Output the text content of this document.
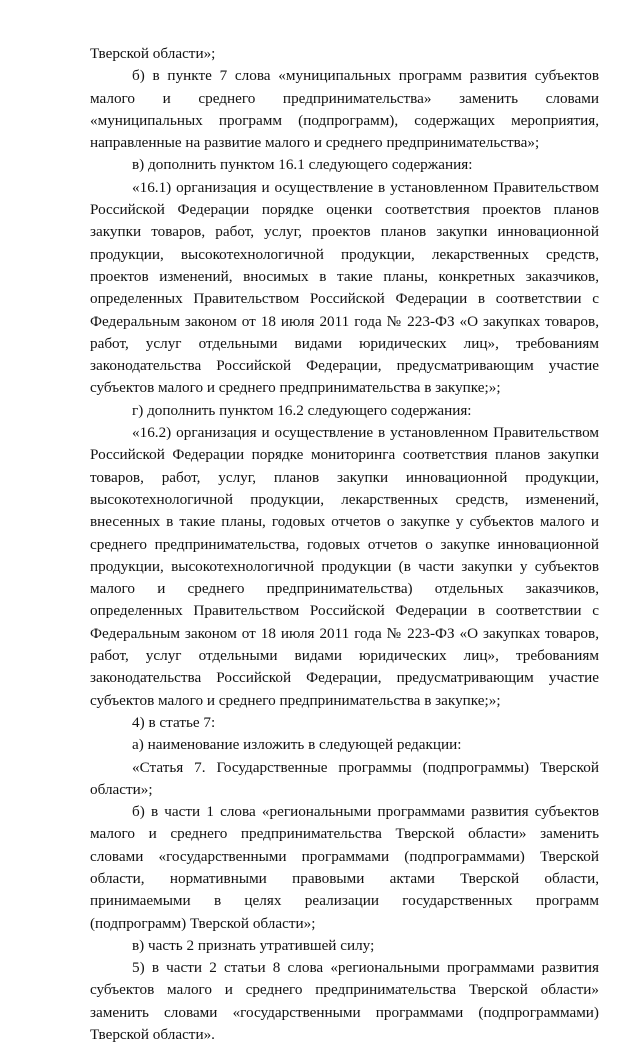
Тверской области»;
б) в пункте 7 слова «муниципальных программ развития субъектов
малого и среднего предпринимательства» заменить словами
«муниципальных программ (подпрограмм), содержащих мероприятия,
направленные на развитие малого и среднего предпринимательства»;
в) дополнить пунктом 16.1 следующего содержания:
«16.1) организация и осуществление в установленном Правительством
Российской Федерации порядке оценки соответствия проектов планов
закупки товаров, работ, услуг, проектов планов закупки инновационной
продукции, высокотехнологичной продукции, лекарственных средств,
проектов изменений, вносимых в такие планы, конкретных заказчиков,
определенных Правительством Российской Федерации в соответствии с
Федеральным законом от 18 июля 2011 года № 223-ФЗ «О закупках товаров,
работ, услуг отдельными видами юридических лиц», требованиям
законодательства Российской Федерации, предусматривающим участие
субъектов малого и среднего предпринимательства в закупке;»;
г) дополнить пунктом 16.2 следующего содержания:
«16.2) организация и осуществление в установленном Правительством
Российской Федерации порядке мониторинга соответствия планов закупки
товаров, работ, услуг, планов закупки инновационной продукции,
высокотехнологичной продукции, лекарственных средств, изменений,
внесенных в такие планы, годовых отчетов о закупке у субъектов малого и
среднего предпринимательства, годовых отчетов о закупке инновационной
продукции, высокотехнологичной продукции (в части закупки у субъектов
малого и среднего предпринимательства) отдельных заказчиков,
определенных Правительством Российской Федерации в соответствии с
Федеральным законом от 18 июля 2011 года № 223-ФЗ «О закупках товаров,
работ, услуг отдельными видами юридических лиц», требованиям
законодательства Российской Федерации, предусматривающим участие
субъектов малого и среднего предпринимательства в закупке;»;
4) в статье 7:
а) наименование изложить в следующей редакции:
«Статья 7. Государственные программы (подпрограммы) Тверской
области»;
б) в части 1 слова «региональными программами развития субъектов
малого и среднего предпринимательства Тверской области» заменить
словами «государственными программами (подпрограммами) Тверской
области, нормативными правовыми актами Тверской области,
принимаемыми в целях реализации государственных программ
(подпрограмм) Тверской области»;
в) часть 2 признать утратившей силу;
5) в части 2 статьи 8 слова «региональными программами развития
субъектов малого и среднего предпринимательства Тверской области»
заменить словами «государственными программами (подпрограммами)
Тверской области».
